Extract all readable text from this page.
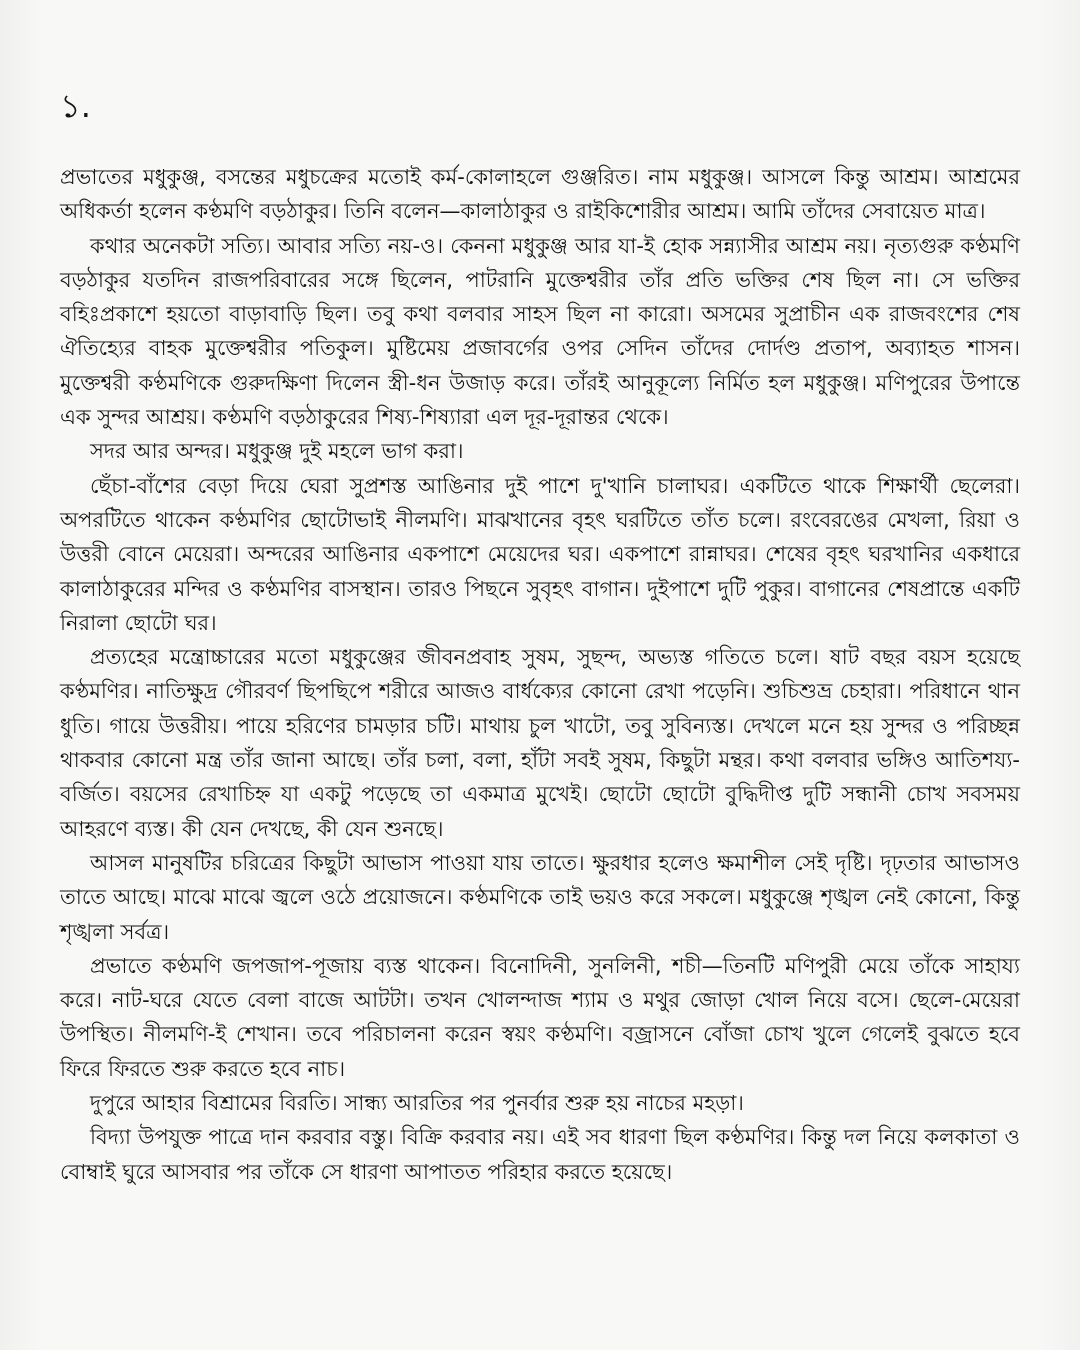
১.

প্রভাতের মধুকুঞ্জ, বসন্তের মধুচক্রের মতোই কর্ম-কোলাহলে গুঞ্জরিত। নাম মধুকুঞ্জ। আসলে কিন্তু আশ্রম। আশ্রমের অধিকর্তা হলেন কণ্ঠমণি বড়ঠাকুর। তিনি বলেন—কালাঠাকুর ও রাইকিশোরীর আশ্রম। আমি তাঁদের সেবায়েত মাত্র।

কথার অনেকটা সত্যি। আবার সত্যি নয়-ও। কেননা মধুকুঞ্জ আর যা-ই হোক সন্ন্যাসীর আশ্রম নয়। নৃত্যগুরু কণ্ঠমণি বড়ঠাকুর যতদিন রাজপরিবারের সঙ্গে ছিলেন, পাটরানি মুক্তেশ্বরীর তাঁর প্রতি ভক্তির শেষ ছিল না। সে ভক্তির বহিঃপ্রকাশে হয়তো বাড়াবাড়ি ছিল। তবু কথা বলবার সাহস ছিল না কারো। অসমের সুপ্রাচীন এক রাজবংশের শেষ ঐতিহ্যের বাহক মুক্তেশ্বরীর পতিকুল। মুষ্টিমেয় প্রজাবর্গের ওপর সেদিন তাঁদের দোর্দণ্ড প্রতাপ, অব্যাহত শাসন। মুক্তেশ্বরী কণ্ঠমণিকে গুরুদক্ষিণা দিলেন স্ত্রী-ধন উজাড় করে। তাঁরই আনুকূল্যে নির্মিত হল মধুকুঞ্জ। মণিপুরের উপান্তে এক সুন্দর আশ্রয়। কণ্ঠমণি বড়ঠাকুরের শিষ্য-শিষ্যারা এল দূর-দূরান্তর থেকে।

সদর আর অন্দর। মধুকুঞ্জ দুই মহলে ভাগ করা।

ছেঁচা-বাঁশের বেড়া দিয়ে ঘেরা সুপ্রশস্ত আঙিনার দুই পাশে দু'খানি চালাঘর। একটিতে থাকে শিক্ষার্থী ছেলেরা। অপরটিতে থাকেন কণ্ঠমণির ছোটোভাই নীলমণি। মাঝখানের বৃহৎ ঘরটিতে তাঁত চলে। রংবেরঙের মেখলা, রিয়া ও উত্তরী বোনে মেয়েরা। অন্দরের আঙিনার একপাশে মেয়েদের ঘর। একপাশে রান্নাঘর। শেষের বৃহৎ ঘরখানির একধারে কালাঠাকুরের মন্দির ও কণ্ঠমণির বাসস্থান। তারও পিছনে সুবৃহৎ বাগান। দুইপাশে দুটি পুকুর। বাগানের শেষপ্রান্তে একটি নিরালা ছোটো ঘর।

প্রত্যহের মন্ত্রোচ্চারের মতো মধুকুঞ্জের জীবনপ্রবাহ সুষম, সুছন্দ, অভ্যস্ত গতিতে চলে। ষাট বছর বয়স হয়েছে কণ্ঠমণির। নাতিক্ষুদ্র গৌরবর্ণ ছিপছিপে শরীরে আজও বার্ধক্যের কোনো রেখা পড়েনি। শুচিশুভ্র চেহারা। পরিধানে থান ধুতি। গায়ে উত্তরীয়। পায়ে হরিণের চামড়ার চটি। মাথায় চুল খাটো, তবু সুবিন্যস্ত। দেখলে মনে হয় সুন্দর ও পরিচ্ছন্ন থাকবার কোনো মন্ত্র তাঁর জানা আছে। তাঁর চলা, বলা, হাঁটা সবই সুষম, কিছুটা মন্থর। কথা বলবার ভঙ্গিও আতিশয্য-বর্জিত। বয়সের রেখাচিহ্ন যা একটু পড়েছে তা একমাত্র মুখেই। ছোটো ছোটো বুদ্ধিদীপ্ত দুটি সন্ধানী চোখ সবসময় আহরণে ব্যস্ত। কী যেন দেখছে, কী যেন শুনছে।

আসল মানুষটির চরিত্রের কিছুটা আভাস পাওয়া যায় তাতে। ক্ষুরধার হলেও ক্ষমাশীল সেই দৃষ্টি। দৃঢ়তার আভাসও তাতে আছে। মাঝে মাঝে জ্বলে ওঠে প্রয়োজনে। কণ্ঠমণিকে তাই ভয়ও করে সকলে। মধুকুঞ্জে শৃঙ্খল নেই কোনো, কিন্তু শৃঙ্খলা সর্বত্র।

প্রভাতে কণ্ঠমণি জপজাপ-পূজায় ব্যস্ত থাকেন। বিনোদিনী, সুনলিনী, শচী—তিনটি মণিপুরী মেয়ে তাঁকে সাহায্য করে। নাট-ঘরে যেতে বেলা বাজে আটটা। তখন খোলন্দাজ শ্যাম ও মথুর জোড়া খোল নিয়ে বসে। ছেলে-মেয়েরা উপস্থিত। নীলমণি-ই শেখান। তবে পরিচালনা করেন স্বয়ং কণ্ঠমণি। বজ্রাসনে বোঁজা চোখ খুলে গেলেই বুঝতে হবে ফিরে ফিরতে শুরু করতে হবে নাচ।

দুপুরে আহার বিশ্রামের বিরতি। সান্ধ্য আরতির পর পুনর্বার শুরু হয় নাচের মহড়া।

বিদ্যা উপযুক্ত পাত্রে দান করবার বস্তু। বিক্রি করবার নয়। এই সব ধারণা ছিল কণ্ঠমণির। কিন্তু দল নিয়ে কলকাতা ও বোম্বাই ঘুরে আসবার পর তাঁকে সে ধারণা আপাতত পরিহার করতে হয়েছে।
